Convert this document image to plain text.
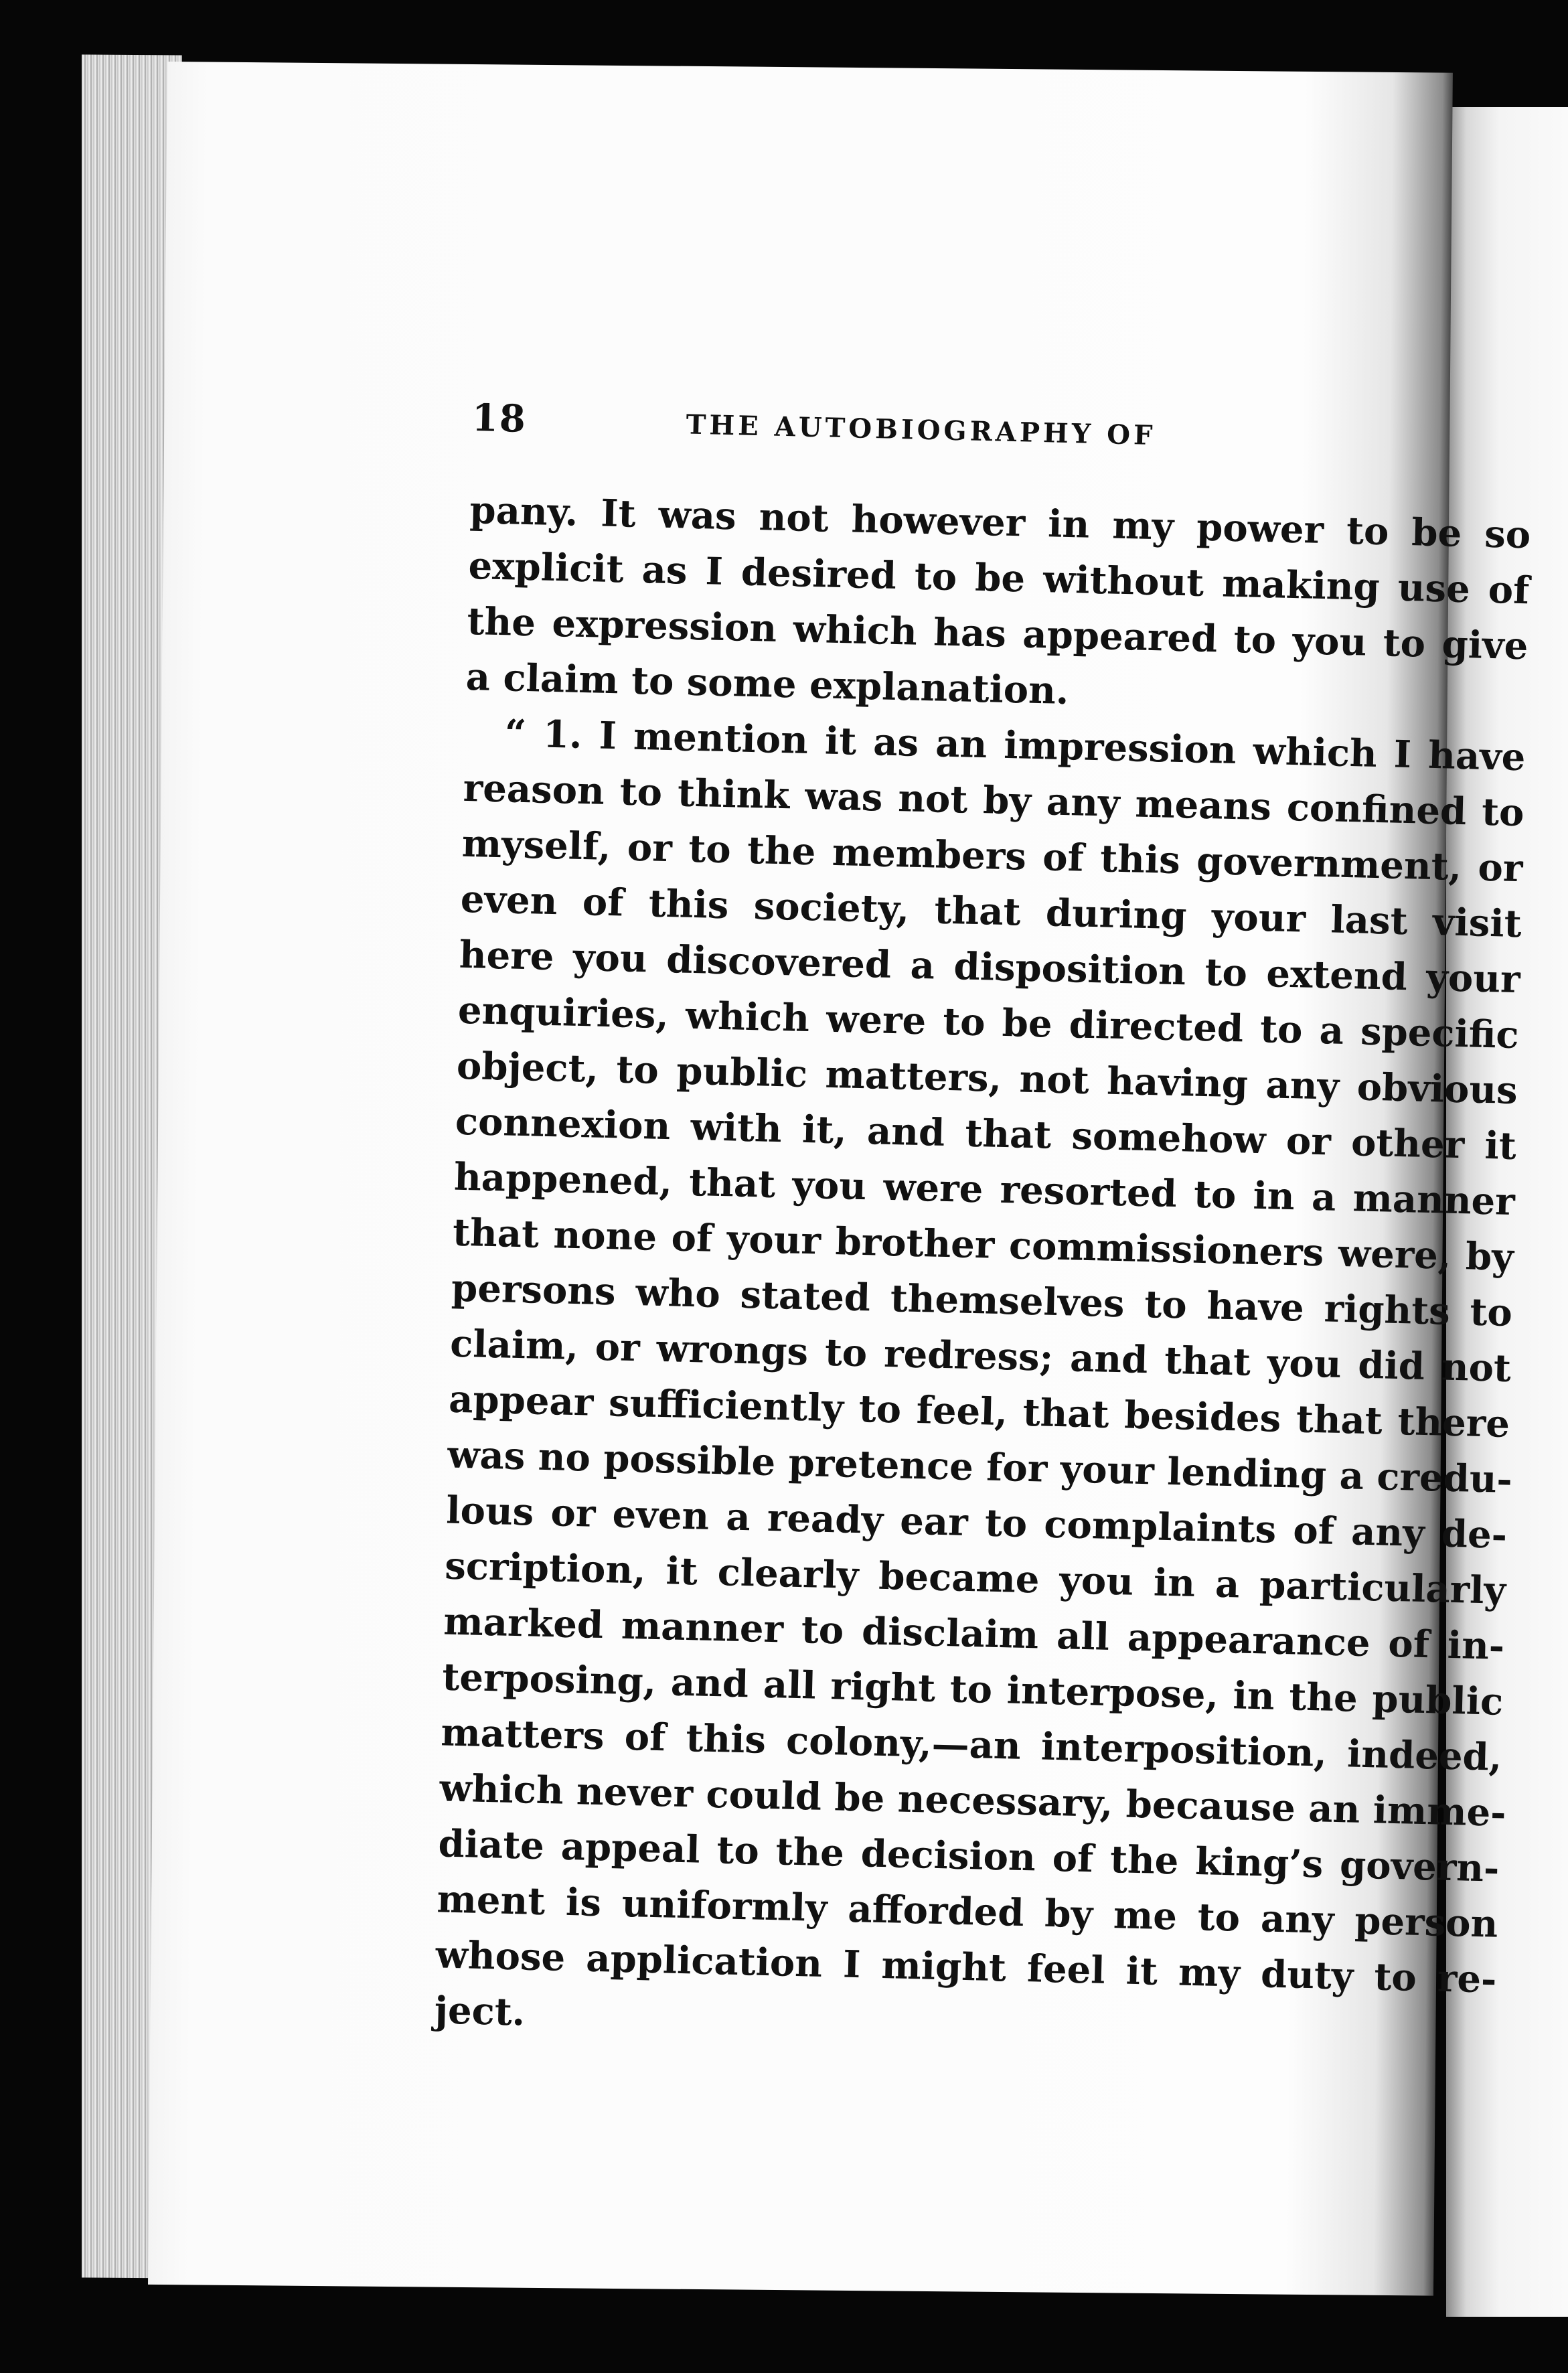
18	THE AUTOBIOGRAPHY OF
pany. It was not however in my power to be so
explicit as I desired to be without making use of
the expression which has appeared to you to give
a claim to some explanation.
“ 1. I mention it as an impression which I have
reason to think was not by any means confined to
myself, or to the members of this government, or
even of this society, that during your last visit
here you discovered a disposition to extend your
enquiries, which were to be directed to a specific
object, to public matters, not having any obvious
connexion with it, and that somehow or other it
happened, that you were resorted to in a manner
that none of your brother commissioners were, by
persons who stated themselves to have rights to
claim, or wrongs to redress; and that you did not
appear sufficiently to feel, that besides that there
was no possible pretence for your lending a credu-
lous or even a ready ear to complaints of any de-
scription, it clearly became you in a particularly
marked manner to disclaim all appearance of in-
terposing, and all right to interpose, in the public
matters of this colony,—an interposition, indeed,
which never could be necessary, because an imme-
diate appeal to the decision of the king’s govern-
ment is uniformly afforded by me to any person
whose application I might feel it my duty to re-
ject.
